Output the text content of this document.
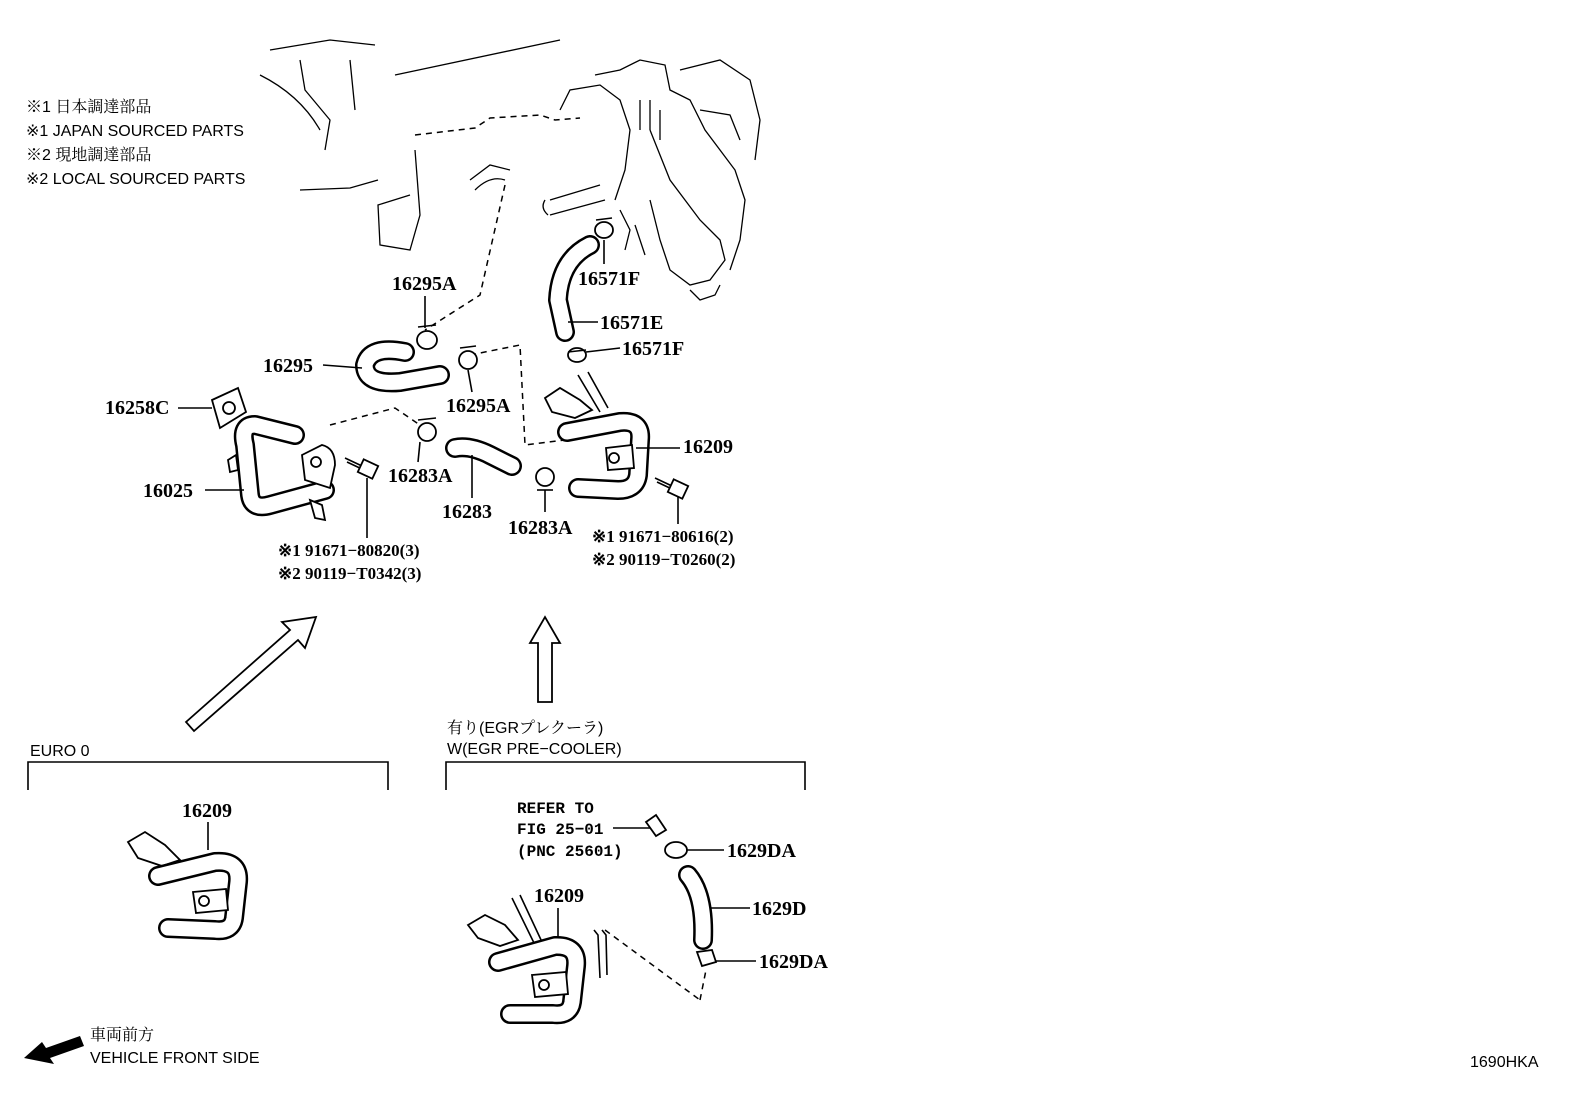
※1 日本調達部品
※1 JAPAN SOURCED PARTS
※2 現地調達部品
※2 LOCAL SOURCED PARTS
16295A	16571F
16571E
16571F
16295
16295A
16258C
16209
16025
16283A
16283
16283A ※1 91671−80616(2)
※2 90119−T0260(2)
※1 91671−80820(3)
※2 90119−T0342(3)
EURO 0
16209
有り(EGRプレクーラ)
W(EGR PRE−COOLER)
REFER TO
FIG 25−01
(PNC 25601)	1629DA
1629D
1629DA
16209
車両前方
VEHICLE FRONT SIDE	1690HKA
